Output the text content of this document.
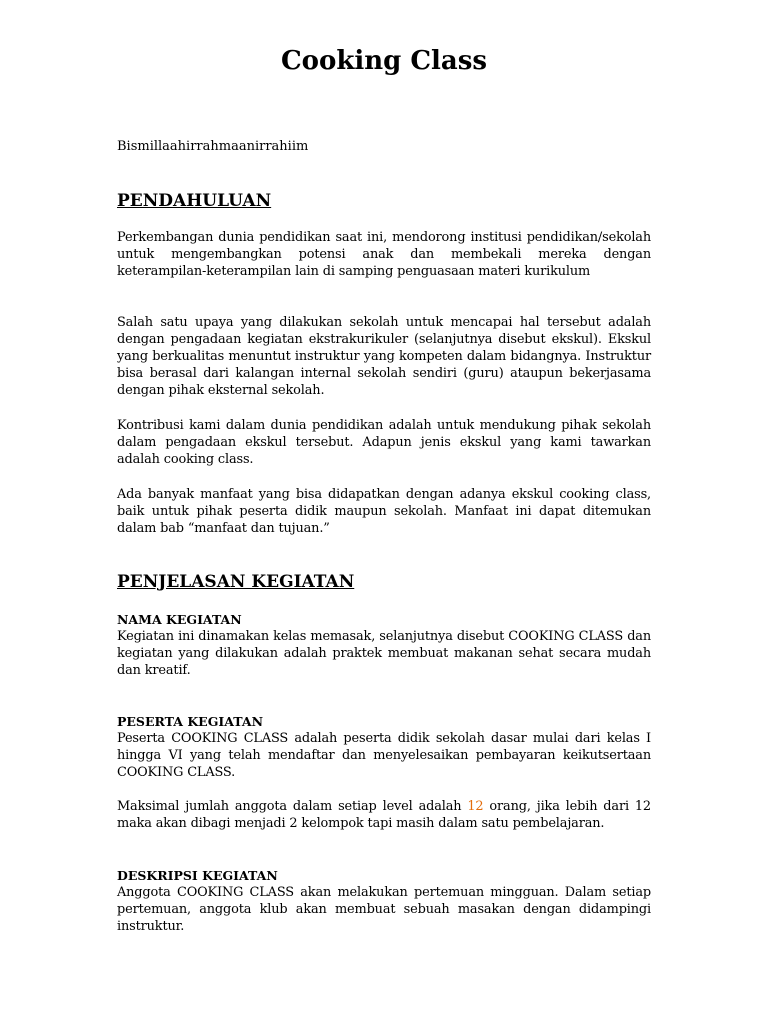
Cooking Class

Bismillaahirrahmaanirrahiim

PENDAHULUAN

Perkembangan dunia pendidikan saat ini, mendorong institusi pendidikan/sekolah untuk mengembangkan potensi anak dan membekali mereka dengan keterampilan-keterampilan lain di samping penguasaan materi kurikulum

Salah satu upaya yang dilakukan sekolah untuk mencapai hal tersebut adalah dengan pengadaan kegiatan ekstrakurikuler (selanjutnya disebut ekskul). Ekskul yang berkualitas menuntut instruktur yang kompeten dalam bidangnya. Instruktur bisa berasal dari kalangan internal sekolah sendiri (guru) ataupun bekerjasama dengan pihak eksternal sekolah.

Kontribusi kami dalam dunia pendidikan adalah untuk mendukung pihak sekolah dalam pengadaan ekskul tersebut. Adapun jenis ekskul yang kami tawarkan adalah cooking class.

Ada banyak manfaat yang bisa didapatkan dengan adanya ekskul cooking class, baik untuk pihak peserta didik maupun sekolah. Manfaat ini dapat ditemukan dalam bab “manfaat dan tujuan.”

PENJELASAN KEGIATAN
NAMA KEGIATAN

Kegiatan ini dinamakan kelas memasak, selanjutnya disebut COOKING CLASS dan kegiatan yang dilakukan adalah praktek membuat makanan sehat secara mudah dan kreatif.

PESERTA KEGIATAN

Peserta COOKING CLASS adalah peserta didik sekolah dasar mulai dari kelas I hingga VI yang telah mendaftar dan menyelesaikan pembayaran keikutsertaan COOKING CLASS.

Maksimal jumlah anggota dalam setiap level adalah 12 orang, jika lebih dari 12 maka akan dibagi menjadi 2 kelompok tapi masih dalam satu pembelajaran.

DESKRIPSI KEGIATAN

Anggota COOKING CLASS akan melakukan pertemuan mingguan. Dalam setiap pertemuan, anggota klub akan membuat sebuah masakan dengan didampingi instruktur.
